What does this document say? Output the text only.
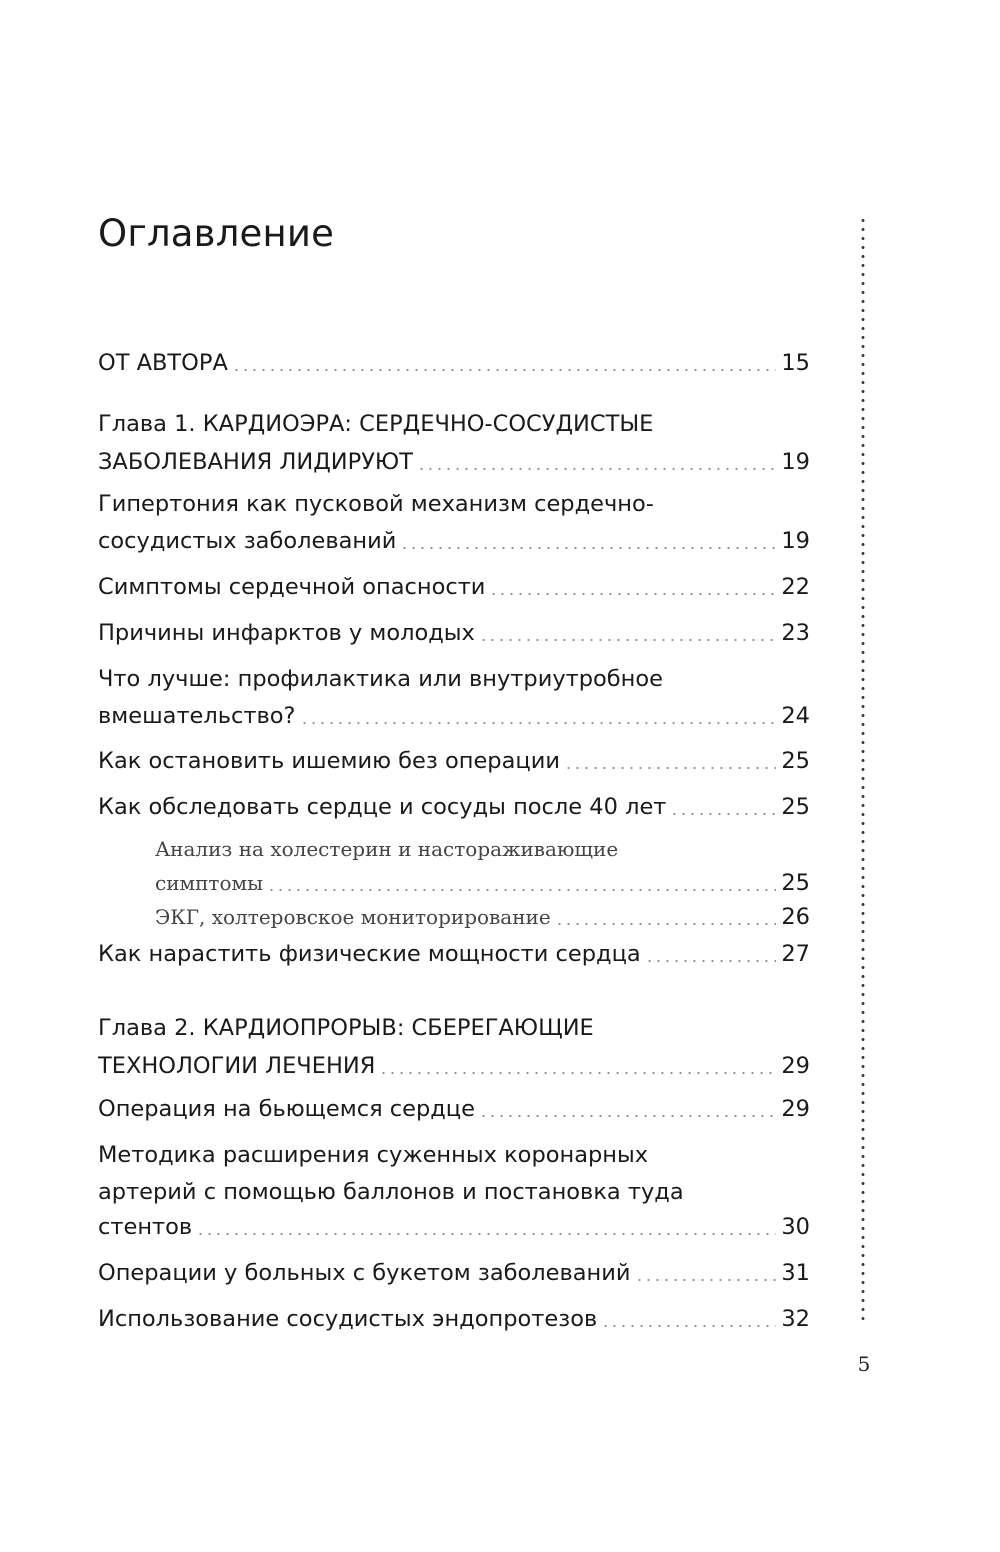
Оглавление
ОТ АВТОРА	15
Глава 1. КАРДИОЭРА: СЕРДЕЧНО-СОСУДИСТЫЕ
ЗАБОЛЕВАНИЯ ЛИДИРУЮТ	19
Гипертония как пусковой механизм сердечно-
сосудистых заболеваний	19
Симптомы сердечной опасности	22
Причины инфарктов у молодых	23
Что лучше: профилактика или внутриутробное
вмешательство?	24
Как остановить ишемию без операции	25
Как обследовать сердце и сосуды после 40 лет	25
Анализ на холестерин и настораживающие
симптомы	25
ЭКГ, холтеровское мониторирование	26
Как нарастить физические мощности сердца	27
Глава 2. КАРДИОПРОРЫВ: СБЕРЕГАЮЩИЕ
ТЕХНОЛОГИИ ЛЕЧЕНИЯ	29
Операция на бьющемся сердце	29
Методика расширения суженных коронарных
артерий с помощью баллонов и постановка туда
стентов	30
Операции у больных с букетом заболеваний	31
Использование сосудистых эндопротезов	32
5
